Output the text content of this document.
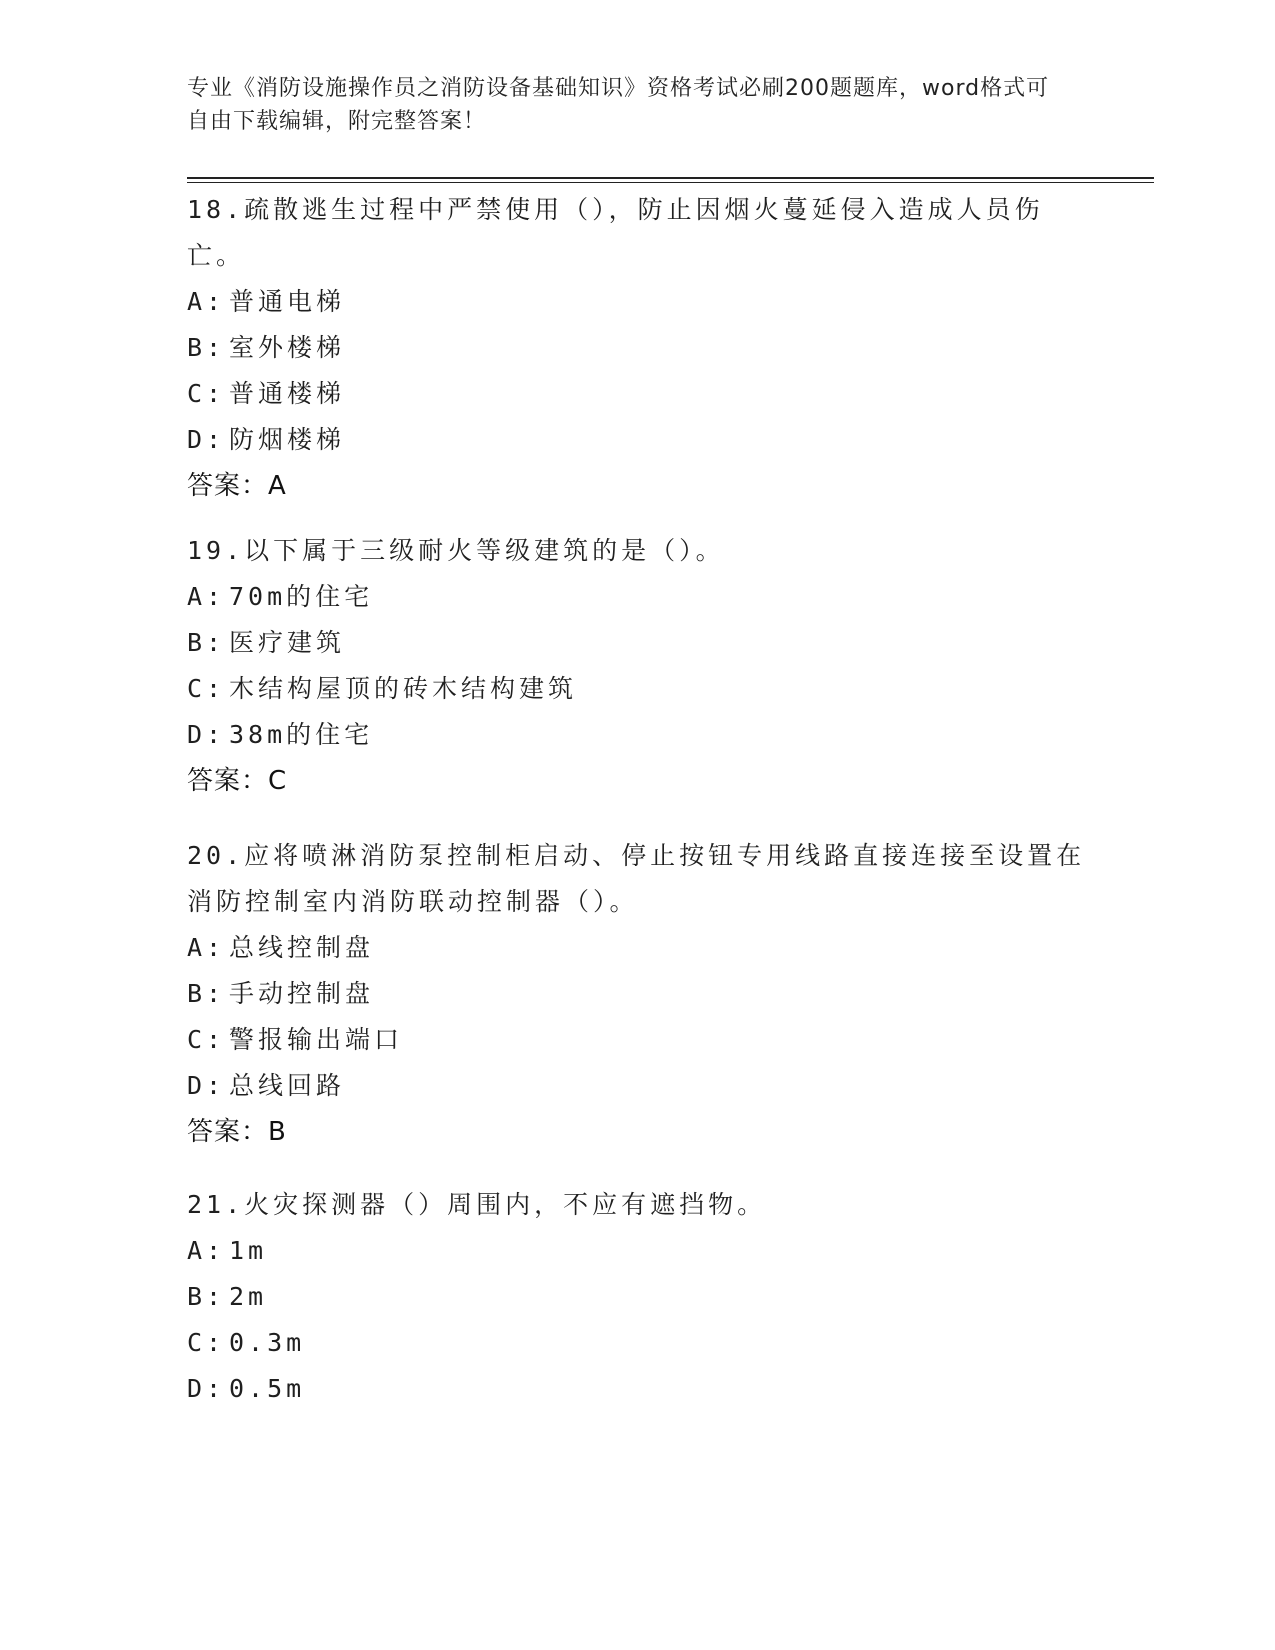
专业《消防设施操作员之消防设备基础知识》资格考试必刷200题题库，word格式可自由下载编辑，附完整答案！

18.疏散逃生过程中严禁使用（），防止因烟火蔓延侵入造成人员伤亡。

A: 普通电梯

B: 室外楼梯

C: 普通楼梯

D: 防烟楼梯

答案：A

19.以下属于三级耐火等级建筑的是（）。

A: 70m的住宅

B: 医疗建筑

C: 木结构屋顶的砖木结构建筑

D: 38m的住宅

答案：C

20.应将喷淋消防泵控制柜启动、停止按钮专用线路直接连接至设置在消防控制室内消防联动控制器（）。

A: 总线控制盘

B: 手动控制盘

C: 警报输出端口

D: 总线回路

答案：B

21.火灾探测器（）周围内，不应有遮挡物。

A: 1m

B: 2m

C: 0.3m

D: 0.5m
